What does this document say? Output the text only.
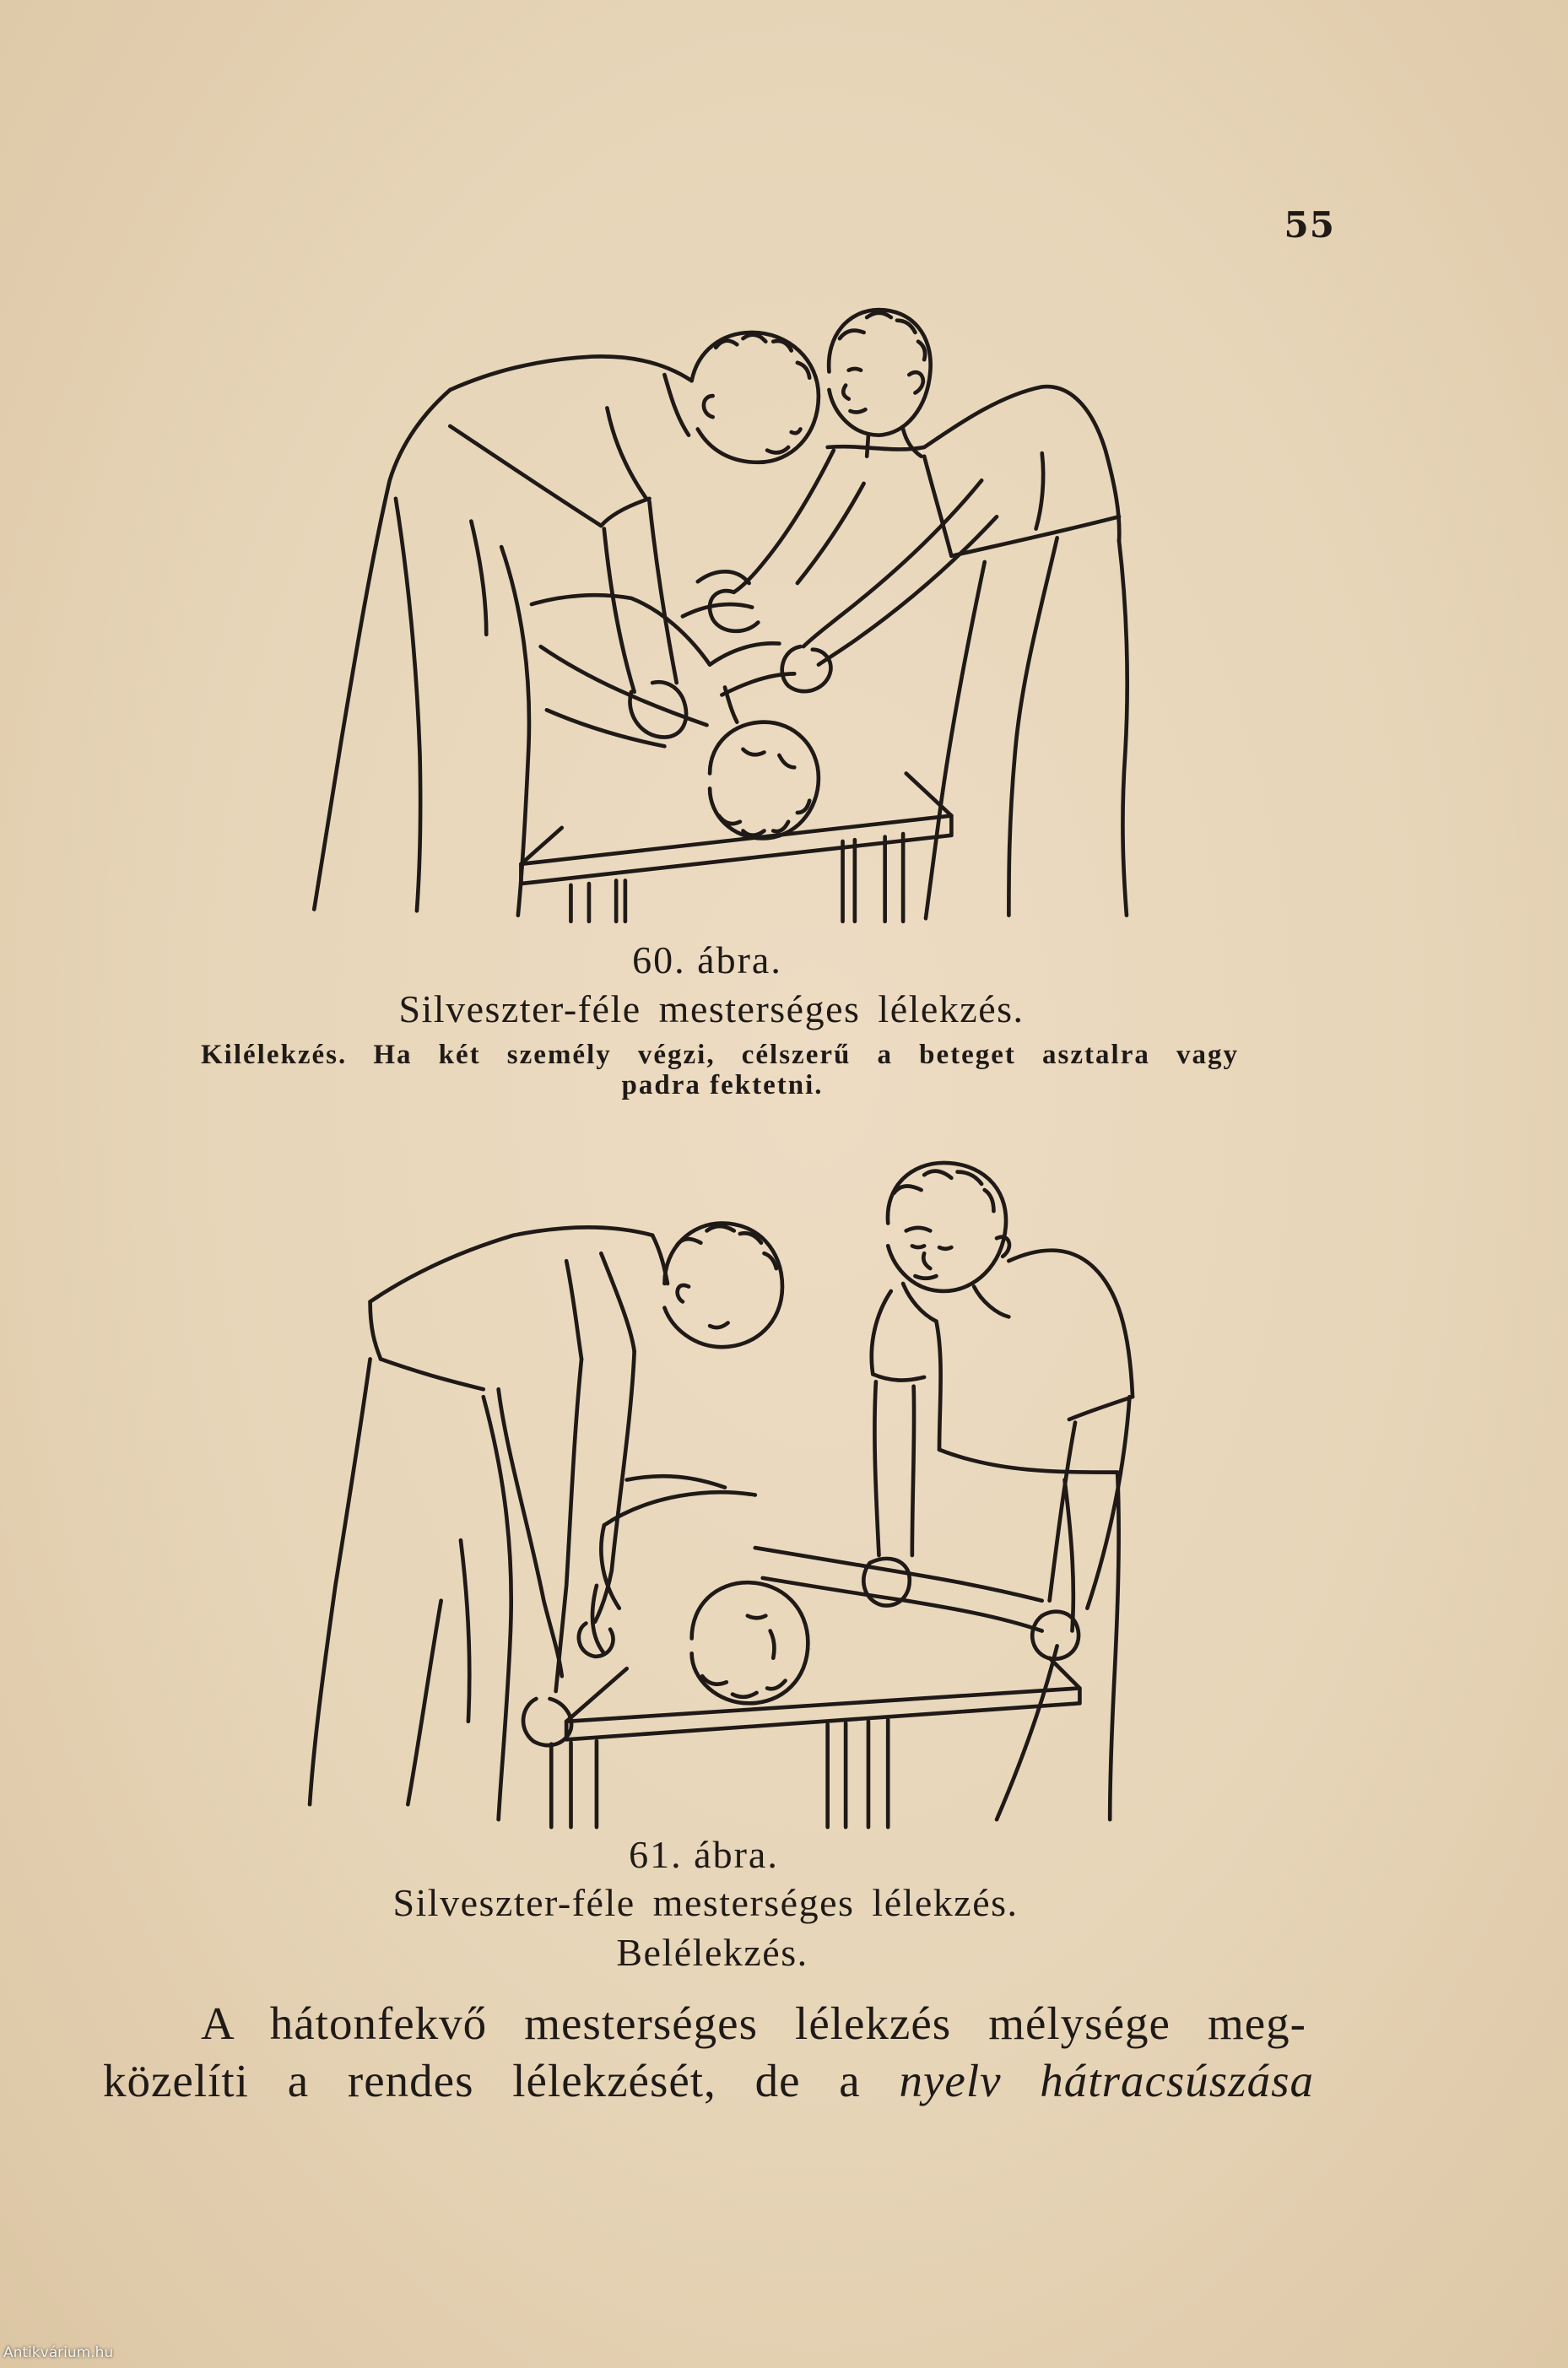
55
60. ábra.
Silveszter-féle mesterséges lélekzés.
Kilélekzés. Ha két személy végzi, célszerű a beteget asztalra vagy
padra fektetni.
61. ábra.
Silveszter-féle mesterséges lélekzés.
Belélekzés.
A hátonfekvő mesterséges lélekzés mélysége meg-
közelíti a rendes lélekzését, de a nyelv hátracsúszása
Antikvárium.hu
